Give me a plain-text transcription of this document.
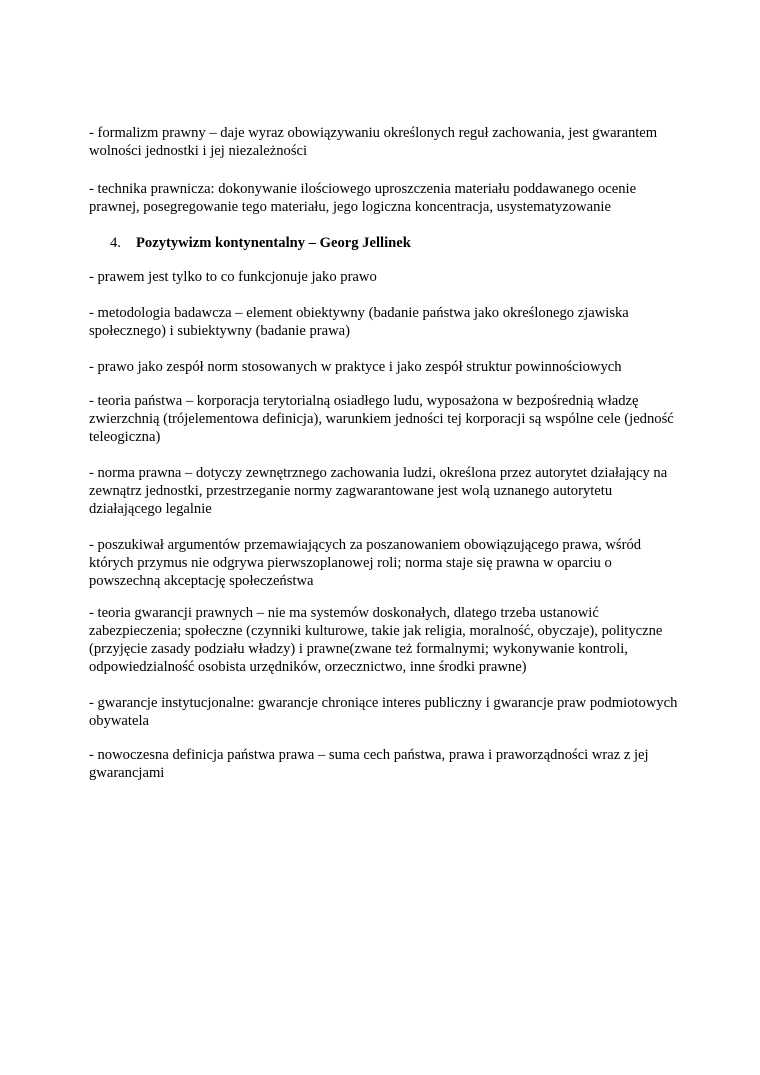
- formalizm prawny – daje wyraz obowiązywaniu określonych reguł zachowania, jest gwarantem wolności jednostki i jej niezależności

- technika prawnicza: dokonywanie ilościowego uproszczenia materiału poddawanego ocenie prawnej, posegregowanie tego materiału, jego logiczna koncentracja, usystematyzowanie

4. Pozytywizm kontynentalny – Georg Jellinek

- prawem jest tylko to co funkcjonuje jako prawo

- metodologia badawcza – element obiektywny (badanie państwa jako określonego zjawiska społecznego) i subiektywny (badanie prawa)

- prawo jako zespół norm stosowanych w praktyce i jako zespół struktur powinnościowych

- teoria państwa – korporacja terytorialną osiadłego ludu, wyposażona w bezpośrednią władzę zwierzchnią (trójelementowa definicja), warunkiem jedności tej korporacji są wspólne cele (jedność teleogiczna)

- norma prawna – dotyczy zewnętrznego zachowania ludzi, określona przez autorytet działający na zewnątrz jednostki, przestrzeganie normy zagwarantowane jest wolą uznanego autorytetu działającego legalnie

- poszukiwał argumentów przemawiających za poszanowaniem obowiązującego prawa, wśród których przymus nie odgrywa pierwszoplanowej roli; norma staje się prawna w oparciu o powszechną akceptację społeczeństwa

- teoria gwarancji prawnych – nie ma systemów doskonałych, dlatego trzeba ustanowić zabezpieczenia; społeczne (czynniki kulturowe, takie jak religia, moralność, obyczaje), polityczne (przyjęcie zasady podziału władzy) i prawne(zwane też formalnymi; wykonywanie kontroli, odpowiedzialność osobista urzędników, orzecznictwo, inne środki prawne)

- gwarancje instytucjonalne: gwarancje chroniące interes publiczny i gwarancje praw podmiotowych obywatela

- nowoczesna definicja państwa prawa – suma cech państwa, prawa i praworządności wraz z jej gwarancjami
